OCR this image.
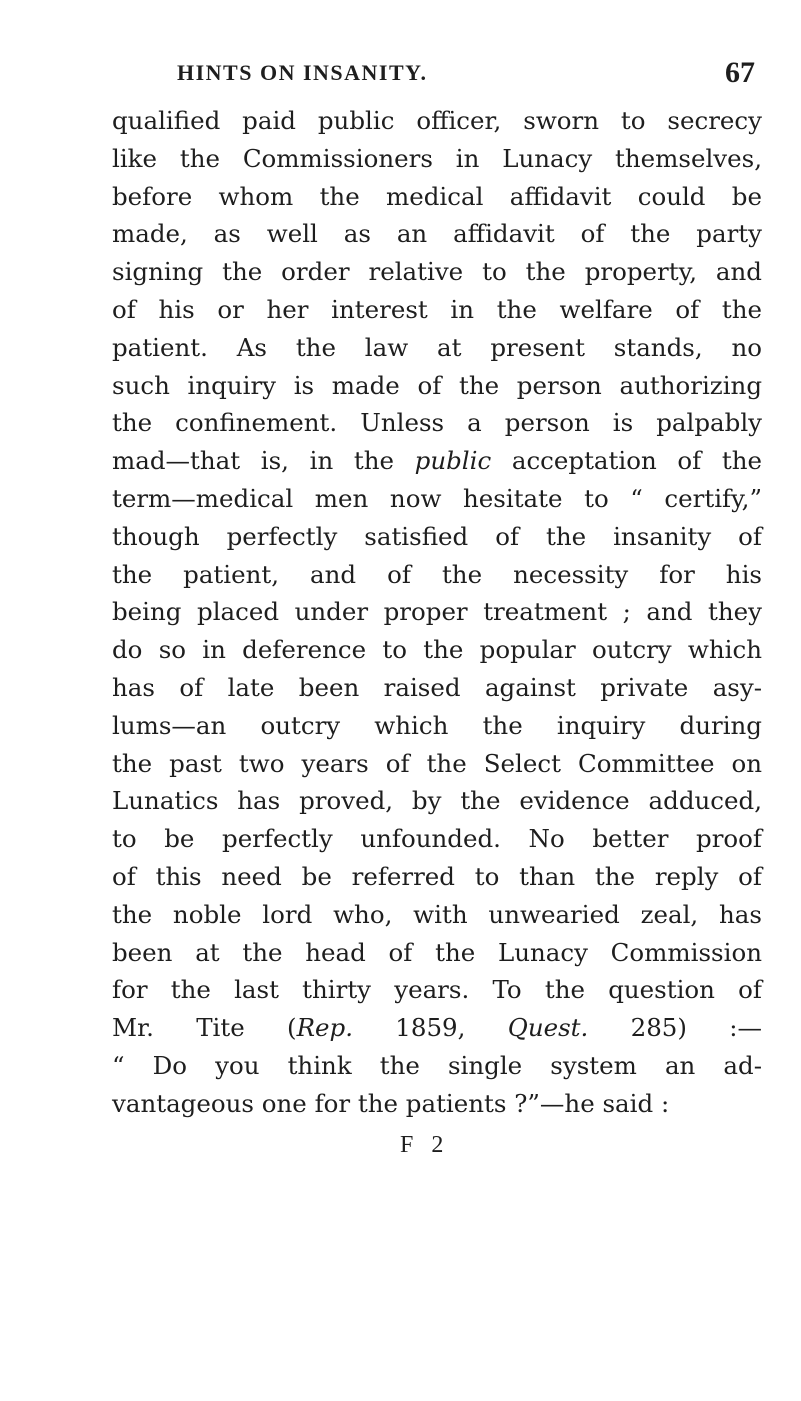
HINTS ON INSANITY.	67
qualified paid public officer, sworn to secrecy
like the Commissioners in Lunacy themselves,
before whom the medical affidavit could be
made, as well as an affidavit of the party
signing the order relative to the property, and
of his or her interest in the welfare of the
patient. As the law at present stands, no
such inquiry is made of the person authorizing
the confinement. Unless a person is palpably
mad—that is, in the public acceptation of the
term—medical men now hesitate to “ certify,”
though perfectly satisfied of the insanity of
the patient, and of the necessity for his
being placed under proper treatment ; and they
do so in deference to the popular outcry which
has of late been raised against private asy-
lums—an outcry which the inquiry during
the past two years of the Select Committee on
Lunatics has proved, by the evidence adduced,
to be perfectly unfounded. No better proof
of this need be referred to than the reply of
the noble lord who, with unwearied zeal, has
been at the head of the Lunacy Commission
for the last thirty years. To the question of
Mr. Tite (Rep. 1859, Quest. 285) :—
“ Do you think the single system an ad-
vantageous one for the patients ?”—he said :
F 2
